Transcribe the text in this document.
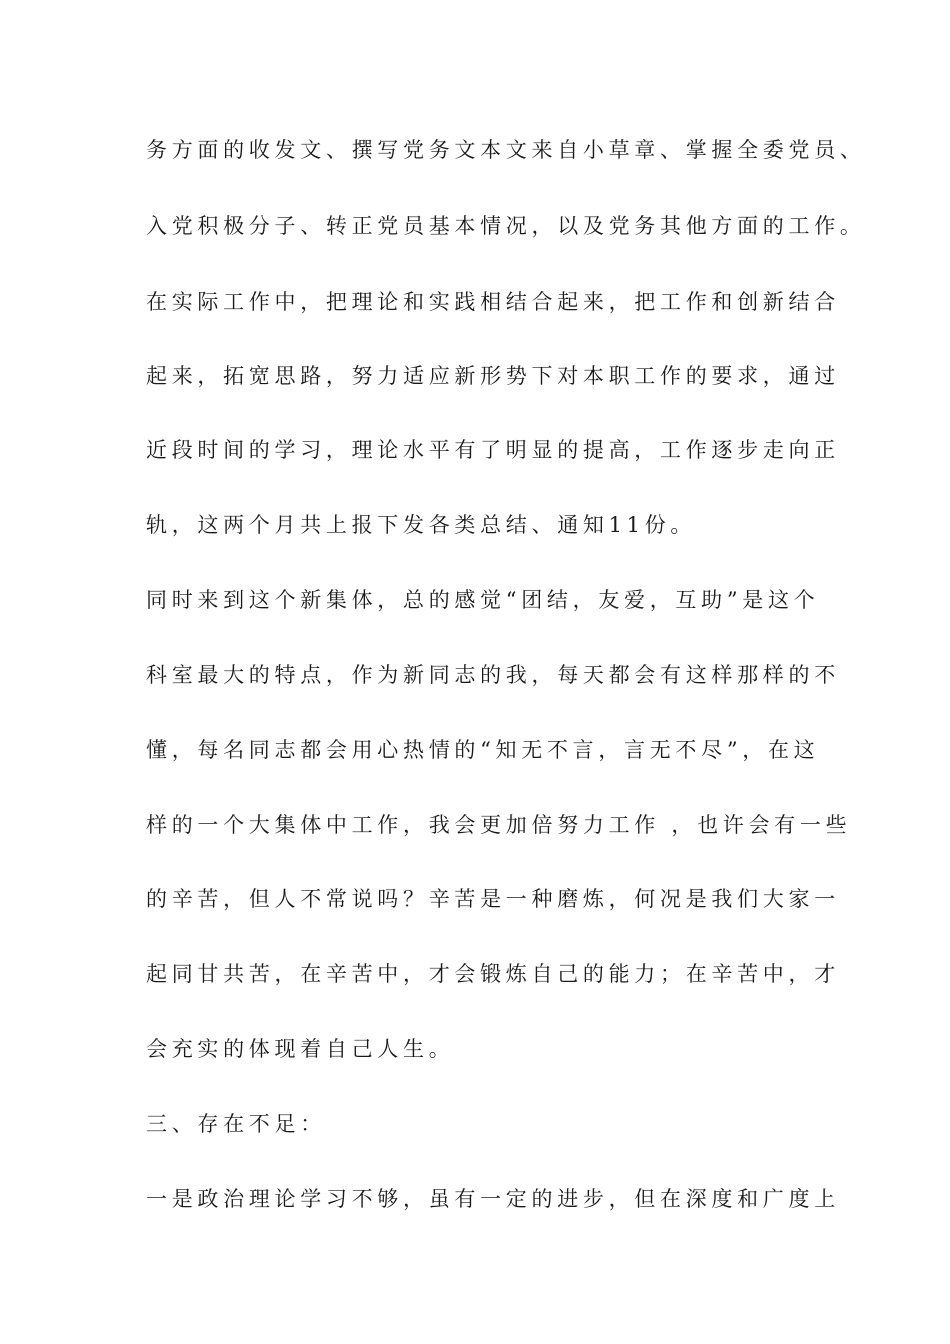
务方面的收发文、撰写党务文本文来自小草章、掌握全委党员、
入党积极分子、转正党员基本情况，以及党务其他方面的工作。
在实际工作中，把理论和实践相结合起来，把工作和创新结合
起来，拓宽思路，努力适应新形势下对本职工作的要求，通过
近段时间的学习，理论水平有了明显的提高，工作逐步走向正
轨，这两个月共上报下发各类总结、通知11份。
同时来到这个新集体，总的感觉“团结，友爱，互助”是这个
科室最大的特点，作为新同志的我，每天都会有这样那样的不
懂，每名同志都会用心热情的“知无不言，言无不尽”，在这
样的一个大集体中工作，我会更加倍努力工作 ，也许会有一些
的辛苦，但人不常说吗？辛苦是一种磨炼，何况是我们大家一
起同甘共苦，在辛苦中，才会锻炼自己的能力；在辛苦中，才
会充实的体现着自己人生。
三、存在不足：
一是政治理论学习不够，虽有一定的进步，但在深度和广度上
